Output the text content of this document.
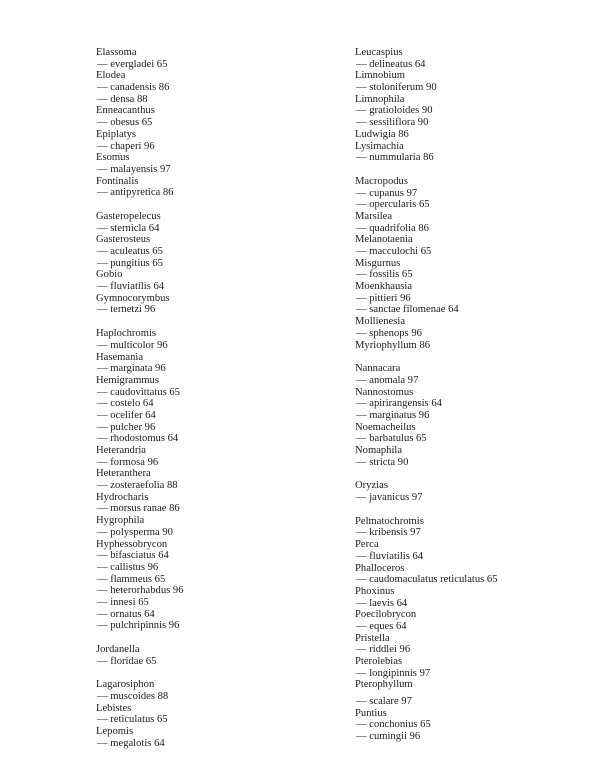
Elassoma
— evergladei 65
Elodea
— canadensis 86
— densa 88
Enneacanthus
— obesus 65
Epiplatys
— chaperi 96
Esomus
— malayensis 97
Fontinalis
— antipyretica 86
Gasteropelecus
— sternicla 64
Gasterosteus
— aculeatus 65
— pungitius 65
Gobio
— fluviatilis 64
Gymnocorymbus
— ternetzi 96
Haplochromis
— multicolor 96
Hasemania
— marginata 96
Hemigrammus
— caudovittatus 65
— costelo 64
— ocelifer 64
— pulcher 96
— rhodostomus 64
Heterandria
— formosa 96
Heteranthera
— zosteraefolia 88
Hydrocharis
— morsus ranae 86
Hygrophila
— polysperma 90
Hyphessobrycon
— bifasciatus 64
— callistus 96
— flammeus 65
— heterorhabdus 96
— innesi 65
— ornatus 64
— pulchripinnis 96
Jordanella
— floridae 65
Lagarosiphon
— muscoides 88
Lebistes
— reticulatus 65
Lepomis
— megalotis 64
Leucaspius
— delineatus 64
Limnobium
— stoloniferum 90
Limnophila
— gratioloides 90
— sessiliflora 90
Ludwigia 86
Lysimachia
— nummularia 86
Macropodus
— cupanus 97
— opercularis 65
Marsilea
— quadrifolia 86
Melanotaenia
— macculochi 65
Misgurnus
— fossilis 65
Moenkhausia
— pittieri 96
— sanctae filomenae 64
Mollienesia
— sphenops 96
Myriophyllum 86
Nannacara
— anomala 97
Nannostomus
— apirirangensis 64
— marginatus 96
Noemacheilus
— barbatulus 65
Nomaphila
— stricta 90
Oryzias
— javanicus 97
Pelmatochromis
— kribensis 97
Perca
— fluviatilis 64
Phalloceros
— caudomaculatus reticulatus 65
Phoxinus
— laevis 64
Poecilobrycon
— eques 64
Pristella
— riddlei 96
Pterolebias
— longipinnis 97
Pterophyllum
— scalare 97
Puntius
— conchonius 65
— cumingii 96
